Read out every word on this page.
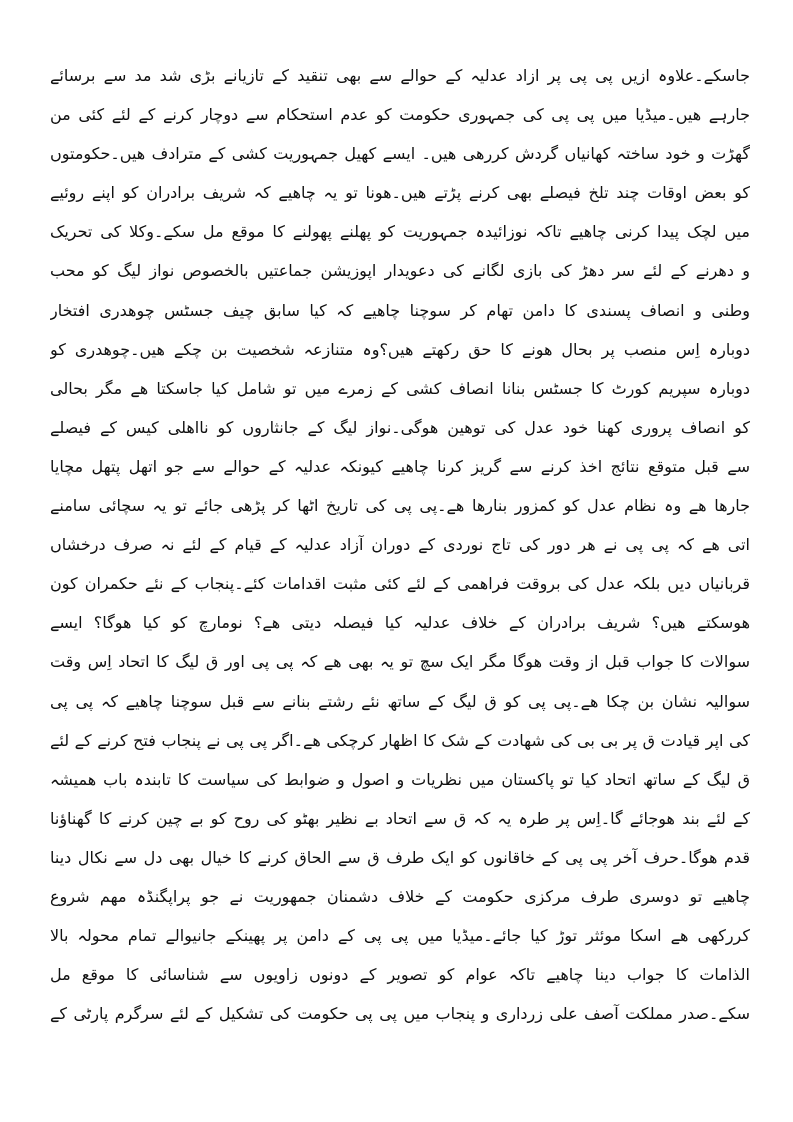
جاسکے۔علاوہ ازیں پی پی پر ازاد عدلیہ کے حوالے سے بھی تنقید کے تازیانے بڑی شد مد سے برسائے
جارہے ھیں۔میڈیا میں پی پی کی جمہوری حکومت کو عدم استحکام سے دوچار کرنے کے لئے کئی من
گھڑت و خود ساختہ کھانیاں گردش کررھی ھیں۔ ایسے کھیل جمہوریت کشی کے مترادف ھیں۔حکومتوں
کو بعض اوقات چند تلخ فیصلے بھی کرنے پڑتے ھیں۔ھونا تو یہ چاھیے کہ شریف برادران کو اپنے روئیے
میں لچک پیدا کرنی چاھیے تاکہ نوزائیدہ جمہوریت کو پھلنے پھولنے کا موقع مل سکے۔وکلا کی تحریک
و دھرنے کے لئے سر دھڑ کی بازی لگانے کی دعویدار اپوزیشن جماعتیں بالخصوص نواز لیگ کو محب
وطنی و انصاف پسندی کا دامن تھام کر سوچنا چاھیے کہ کیا سابق چیف جسٹس چوھدری افتخار
دوبارہ اِس منصب پر بحال ھونے کا حق رکھتے ھیں؟وہ متنازعہ شخصیت بن چکے ھیں۔چوھدری کو
دوبارہ سپریم کورٹ کا جسٹس بنانا انصاف کشی کے زمرے میں تو شامل کیا جاسکتا ھے مگر بحالی
کو انصاف پروری کھنا خود عدل کی توھین ھوگی۔نواز لیگ کے جانثاروں کو نااھلی کیس کے فیصلے
سے قبل متوقع نتائج اخذ کرنے سے گریز کرنا چاھیے کیونکہ عدلیہ کے حوالے سے جو اتھل پتھل مچایا
جارھا ھے وہ نظام عدل کو کمزور بنارھا ھے۔پی پی کی تاریخ اٹھا کر پڑھی جائے تو یہ سچائی سامنے
اتی ھے کہ پی پی نے ھر دور کی تاج نوردی کے دوران آزاد عدلیہ کے قیام کے لئے نہ صرف درخشاں
قربانیاں دیں بلکہ عدل کی بروقت فراھمی کے لئے کئی مثبت اقدامات کئے۔پنجاب کے نئے حکمران کون
ھوسکتے ھیں؟ شریف برادران کے خلاف عدلیہ کیا فیصلہ دیتی ھے؟ نومارچ کو کیا ھوگا؟ ایسے
سوالات کا جواب قبل از وقت ھوگا مگر ایک سچ تو یہ بھی ھے کہ پی پی اور ق لیگ کا اتحاد اِس وقت
سوالیہ نشان بن چکا ھے۔پی پی کو ق لیگ کے ساتھ نئے رشتے بنانے سے قبل سوچنا چاھیے کہ پی پی
کی اپر قیادت ق پر بی بی کی شھادت کے شک کا اظھار کرچکی ھے۔اگر پی پی نے پنجاب فتح کرنے کے لئے
ق لیگ کے ساتھ اتحاد کیا تو پاکستان میں نظریات و اصول و ضوابط کی سیاست کا تابندہ باب ھمیشہ
کے لئے بند ھوجائے گا۔اِس پر طرہ یہ کہ ق سے اتحاد بے نظیر بھٹو کی روح کو بے چین کرنے کا گھناؤنا
قدم ھوگا۔حرف آخر پی پی کے خاقانوں کو ایک طرف ق سے الحاق کرنے کا خیال بھی دل سے نکال دینا
چاھیے تو دوسری طرف مرکزی حکومت کے خلاف دشمنان جمھوریت نے جو پراپگنڈہ مھم شروع
کررکھی ھے اسکا موئثر توڑ کیا جائے۔میڈیا میں پی پی کے دامن پر پھینکے جانیوالے تمام محولہ بالا
الذامات کا جواب دینا چاھیے تاکہ عوام کو تصویر کے دونوں زاویوں سے شناسائی کا موقع مل
سکے۔صدر مملکت آصف علی زرداری و پنجاب میں پی پی حکومت کی تشکیل کے لئے سرگرم پارٹی کے
